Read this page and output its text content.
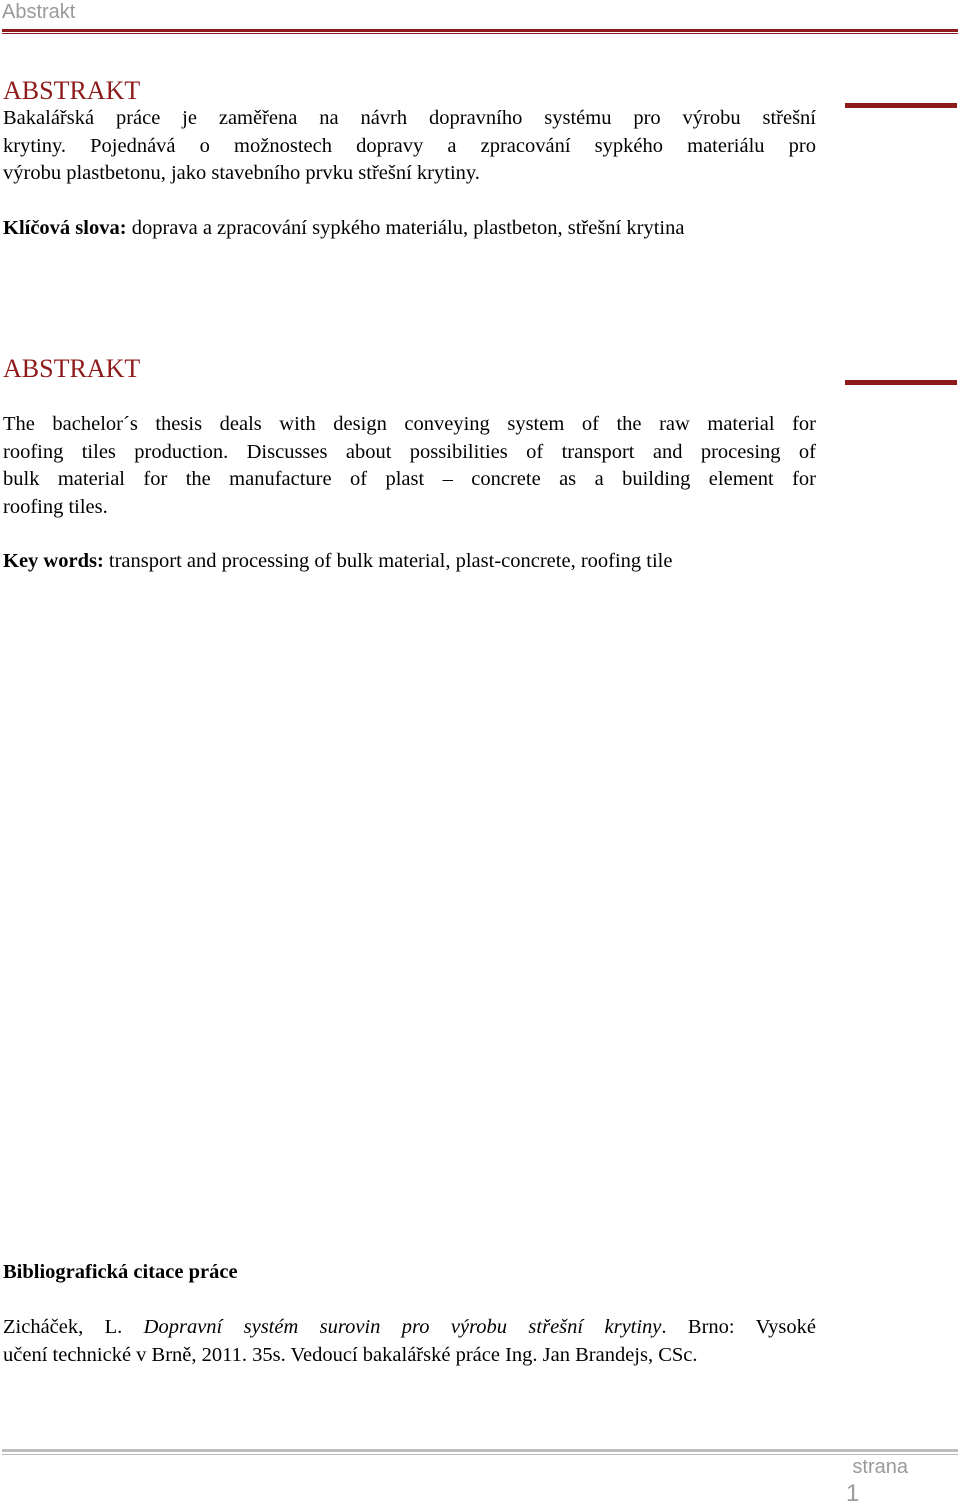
Abstrakt
ABSTRAKT
Bakalářská práce je zaměřena na návrh dopravního systému pro výrobu střešní
krytiny. Pojednává o možnostech dopravy a zpracování sypkého materiálu pro
výrobu plastbetonu, jako stavebního prvku střešní krytiny.
Klíčová slova: doprava a zpracování sypkého materiálu, plastbeton, střešní krytina
ABSTRAKT
The bachelor´s thesis deals with design conveying system of the raw material for
roofing tiles production. Discusses about possibilities of transport and procesing of
bulk material for the manufacture of plast – concrete as a building element for
roofing tiles.
Key words: transport and processing of bulk material, plast-concrete, roofing tile
Bibliografická citace práce
Zicháček, L. Dopravní systém surovin pro výrobu střešní krytiny. Brno: Vysoké
učení technické v Brně, 2011. 35s. Vedoucí bakalářské práce Ing. Jan Brandejs, CSc.
strana
1
